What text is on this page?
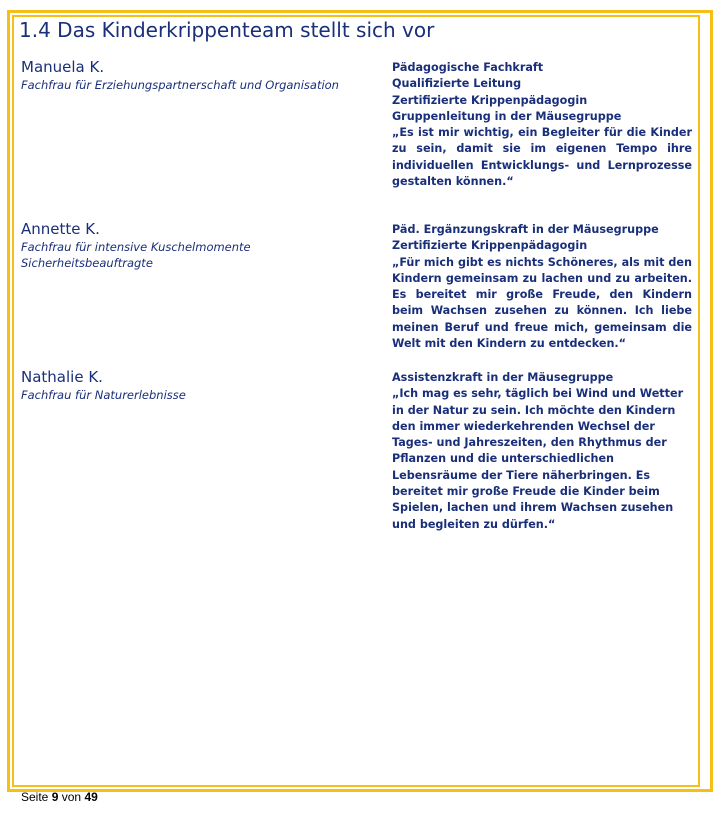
1.4 Das Kinderkrippenteam stellt sich vor

Manuela K.

Fachfrau für Erziehungspartnerschaft und Organisation

Pädagogische Fachkraft
Qualifizierte Leitung
Zertifizierte Krippenpädagogin
Gruppenleitung in der Mäusegruppe
„Es ist mir wichtig, ein Begleiter für die Kinder zu sein, damit sie im eigenen Tempo ihre individuellen Entwicklungs- und Lernprozesse gestalten können.“

Annette K.

Fachfrau für intensive Kuschelmomente

Sicherheitsbeauftragte

Päd. Ergänzungskraft in der Mäusegruppe
Zertifizierte Krippenpädagogin
„Für mich gibt es nichts Schöneres, als mit den Kindern gemeinsam zu lachen und zu arbeiten. Es bereitet mir große Freude, den Kindern beim Wachsen zusehen zu können. Ich liebe meinen Beruf und freue mich, gemeinsam die Welt mit den Kindern zu entdecken.“

Nathalie K.

Fachfrau für Naturerlebnisse

Assistenzkraft in der Mäusegruppe
„Ich mag es sehr, täglich bei Wind und Wetter in der Natur zu sein. Ich möchte den Kindern den immer wiederkehrenden Wechsel der Tages- und Jahreszeiten, den Rhythmus der Pflanzen und die unterschiedlichen Lebensräume der Tiere näherbringen. Es bereitet mir große Freude die Kinder beim Spielen, lachen und ihrem Wachsen zusehen und begleiten zu dürfen.“
Seite 9 von 49
